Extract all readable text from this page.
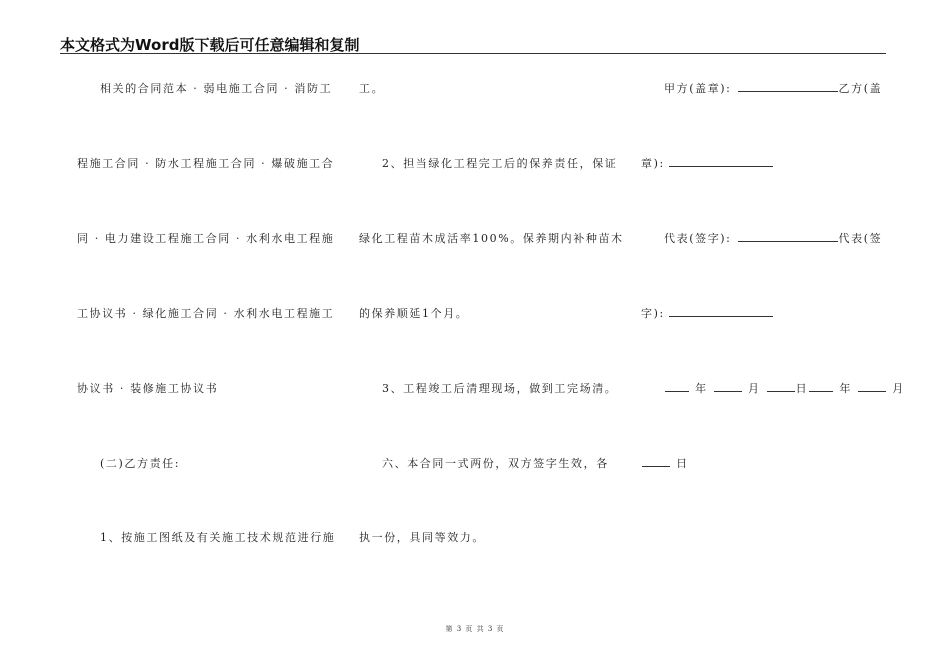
本文格式为Word版下载后可任意编辑和复制
相关的合同范本 · 弱电施工合同 · 消防工
程施工合同 · 防水工程施工合同 · 爆破施工合
同 · 电力建设工程施工合同 · 水利水电工程施
工协议书 · 绿化施工合同 · 水利水电工程施工
协议书 · 装修施工协议书
(二)乙方责任:
1、按施工图纸及有关施工技术规范进行施
工。
2、担当绿化工程完工后的保养责任，保证
绿化工程苗木成活率100%。保养期内补种苗木
的保养顺延1个月。
3、工程竣工后清理现场，做到工完场清。
六、本合同一式两份，双方签字生效，各
执一份，具同等效力。
甲方(盖章):	乙方(盖
章):
代表(签字):	代表(签
字):
年	月	日	年	月
日
第 3 页 共 3 页
